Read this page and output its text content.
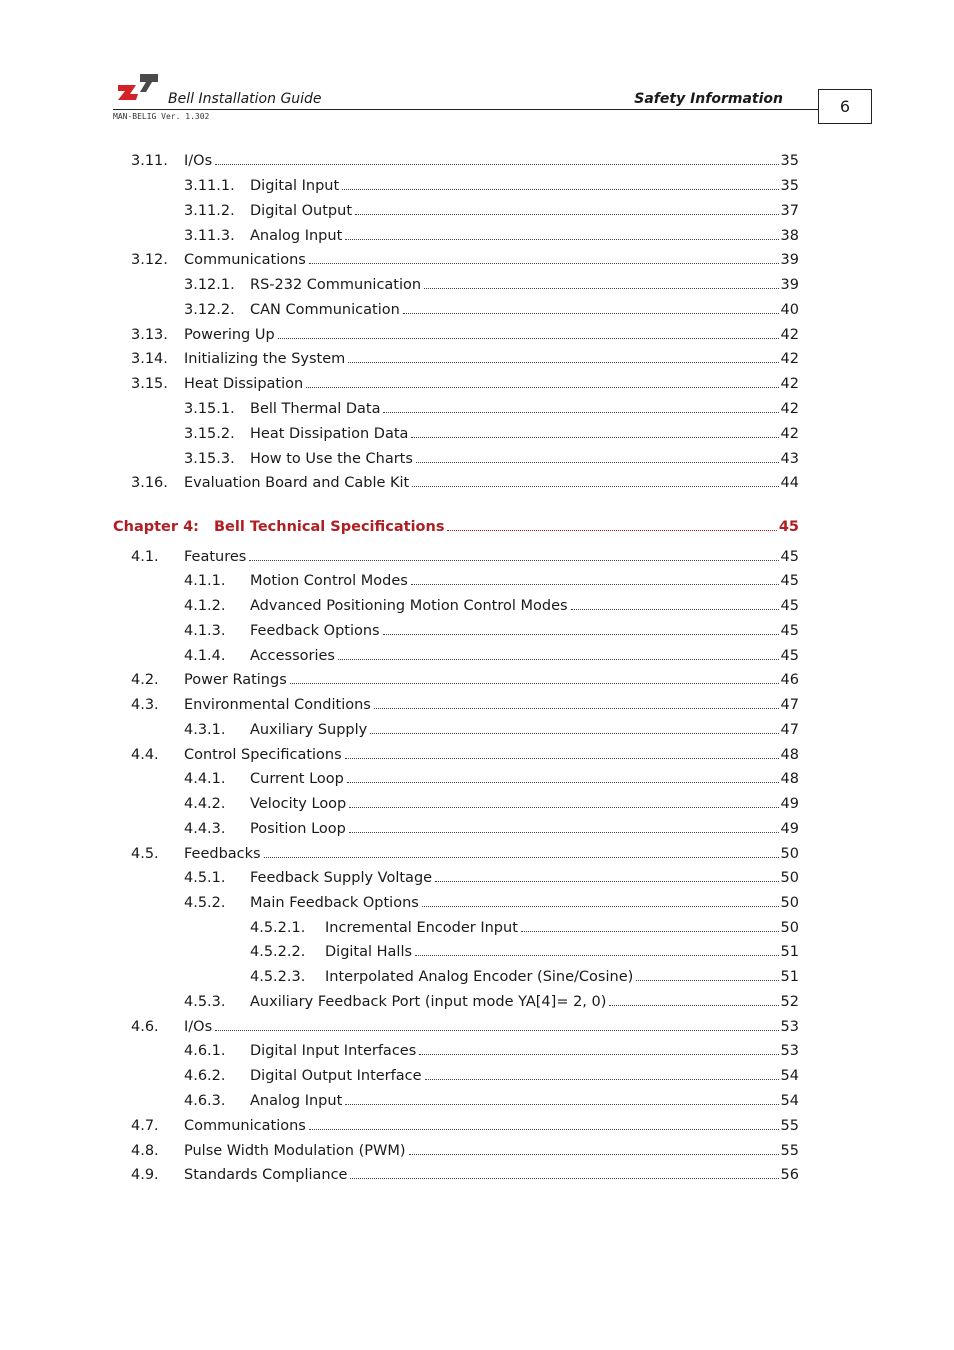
Bell Installation Guide	Safety Information
MAN-BELIG Ver. 1.302
6
3.11.	I/Os	35
3.11.1.	Digital Input	35
3.11.2.	Digital Output	37
3.11.3.	Analog Input	38
3.12.	Communications	39
3.12.1.	RS-232 Communication	39
3.12.2.	CAN Communication	40
3.13.	Powering Up	42
3.14.	Initializing the System	42
3.15.	Heat Dissipation	42
3.15.1.	Bell Thermal Data	42
3.15.2.	Heat Dissipation Data	42
3.15.3.	How to Use the Charts	43
3.16.	Evaluation Board and Cable Kit	44
Chapter 4:	Bell Technical Specifications	45
4.1.	Features	45
4.1.1.	Motion Control Modes	45
4.1.2.	Advanced Positioning Motion Control Modes	45
4.1.3.	Feedback Options	45
4.1.4.	Accessories	45
4.2.	Power Ratings	46
4.3.	Environmental Conditions	47
4.3.1.	Auxiliary Supply	47
4.4.	Control Specifications	48
4.4.1.	Current Loop	48
4.4.2.	Velocity Loop	49
4.4.3.	Position Loop	49
4.5.	Feedbacks	50
4.5.1.	Feedback Supply Voltage	50
4.5.2.	Main Feedback Options	50
4.5.2.1.	Incremental Encoder Input	50
4.5.2.2.	Digital Halls	51
4.5.2.3.	Interpolated Analog Encoder (Sine/Cosine)	51
4.5.3.	Auxiliary Feedback Port (input mode YA[4]= 2, 0)	52
4.6.	I/Os	53
4.6.1.	Digital Input Interfaces	53
4.6.2.	Digital Output Interface	54
4.6.3.	Analog Input	54
4.7.	Communications	55
4.8.	Pulse Width Modulation (PWM)	55
4.9.	Standards Compliance	56
